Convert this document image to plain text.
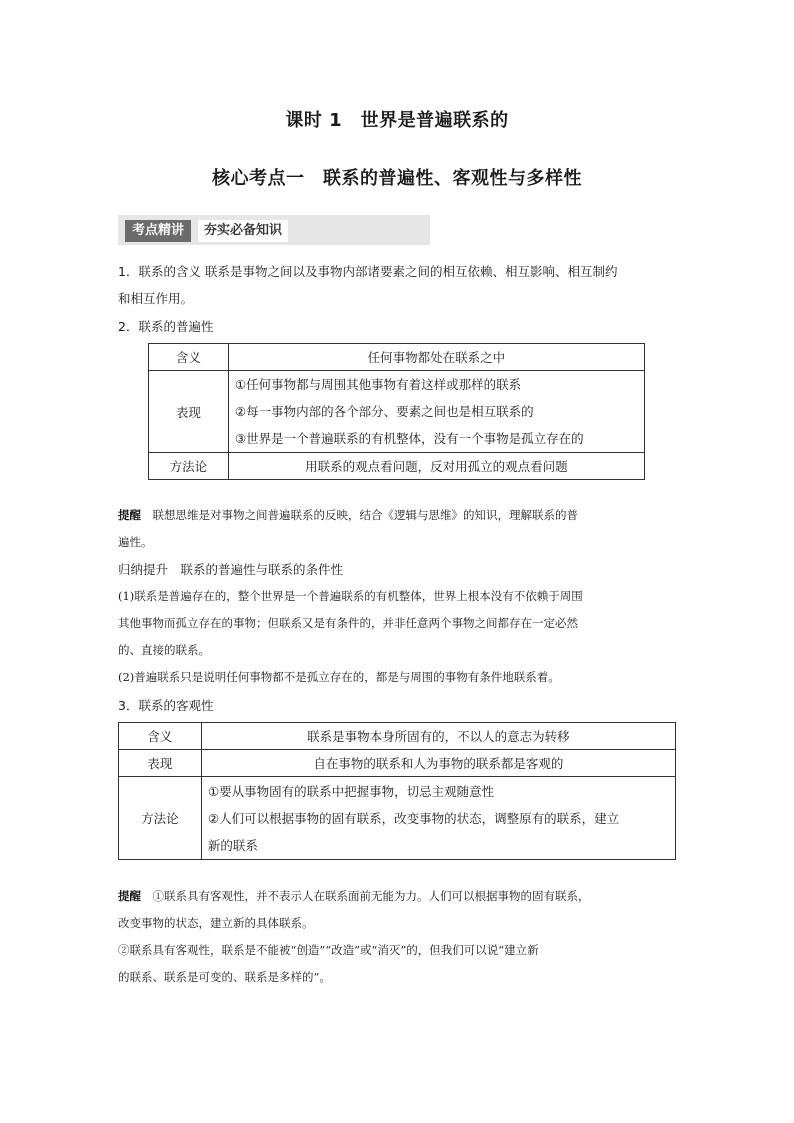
课时 1　世界是普遍联系的
核心考点一　联系的普遍性、客观性与多样性
考点精讲	夯实必备知识
1．联系的含义 联系是事物之间以及事物内部诸要素之间的相互依赖、相互影响、相互制约
和相互作用。
2．联系的普遍性
含义	任何事物都处在联系之中
表现	①任何事物都与周围其他事物有着这样或那样的联系
②每一事物内部的各个部分、要素之间也是相互联系的
③世界是一个普遍联系的有机整体，没有一个事物是孤立存在的

方法论	用联系的观点看问题，反对用孤立的观点看问题
提醒　 联想思维是对事物之间普遍联系的反映，结合《逻辑与思维》的知识，理解联系的普
遍性。
归纳提升　 联系的普遍性与联系的条件性
(1)联系是普遍存在的，整个世界是一个普遍联系的有机整体，世界上根本没有不依赖于周围
其他事物而孤立存在的事物；但联系又是有条件的，并非任意两个事物之间都存在一定必然
的、直接的联系。
(2)普遍联系只是说明任何事物都不是孤立存在的，都是与周围的事物有条件地联系着。
3．联系的客观性
含义	联系是事物本身所固有的，不以人的意志为转移
表现	自在事物的联系和人为事物的联系都是客观的
方法论	①要从事物固有的联系中把握事物，切忌主观随意性
②人们可以根据事物的固有联系，改变事物的状态，调整原有的联系，建立
新的联系
提醒　 ①联系具有客观性，并不表示人在联系面前无能为力。人们可以根据事物的固有联系，
改变事物的状态，建立新的具体联系。
②联系具有客观性，联系是不能被“创造”“改造”或“消灭”的，但我们可以说“建立新
的联系、联系是可变的、联系是多样的”。
